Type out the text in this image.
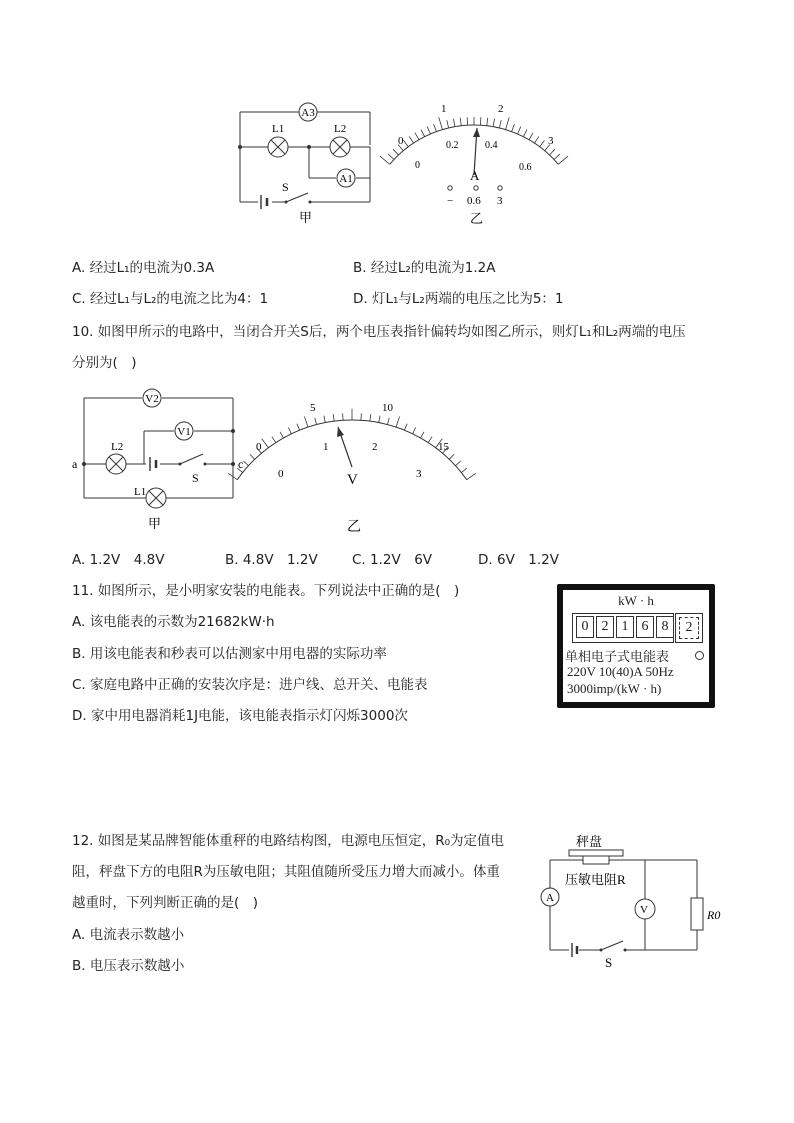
A3
A1
L1	L2
S
甲
0
1	2
3
0
0.2	0.4
0.6
A
− 0.6 3
乙
A. 经过L₁的电流为0.3A	B. 经过L₂的电流为1.2A
C. 经过L₁与L₂的电流之比为4：1	D. 灯L₁与L₂两端的电压之比为5：1
10. 如图甲所示的电路中，当闭合开关S后，两个电压表指针偏转均如图乙所示，则灯L₁和L₂两端的电压
分别为(　)
V2
V1
L2
L1
S
a	c
甲
0
5	10
15
0
1	2
3
V
乙
A. 1.2V　4.8V	B. 4.8V　1.2V	C. 1.2V　6V	D. 6V　1.2V
11. 如图所示，是小明家安装的电能表。下列说法中正确的是(　)
A. 该电能表的示数为21682kW·h
B. 用该电能表和秒表可以估测家中用电器的实际功率
C. 家庭电路中正确的安装次序是：进户线、总开关、电能表
D. 家中用电器消耗1J电能，该电能表指示灯闪烁3000次
kW · h
0 2 1 6 8	2
单相电子式电能表
220V 10(40)A 50Hz
3000imp/(kW · h)
12. 如图是某品牌智能体重秤的电路结构图，电源电压恒定，R₀为定值电
阻，秤盘下方的电阻R为压敏电阻；其阻值随所受压力增大而减小。体重
越重时，下列判断正确的是(　)
A. 电流表示数越小
B. 电压表示数越小
秤盘
压敏电阻R
A
V	R0
S
